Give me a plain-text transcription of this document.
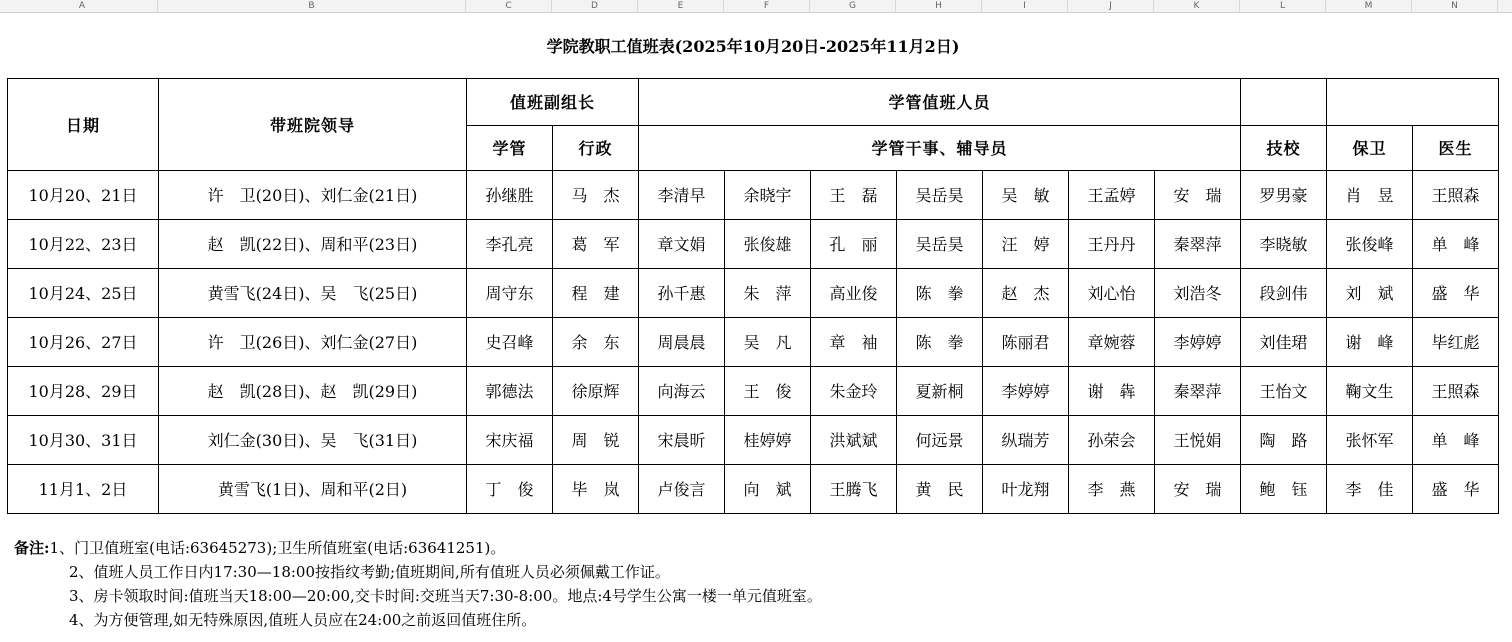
A	B	C	D	E	F	G	H	I	J	K	L	M	N
学院教职工值班表(2025年10月20日-2025年11月2日)													
日期	带班院领导	值班副组长		学管值班人员									
		学管	行政	学管干事、辅导员							技校	保卫	医生
10月20、21日	许　卫(20日)、刘仁金(21日)	孙继胜	马　杰	李清早	余晓宇	王　磊	吴岳昊	吴　敏	王孟婷	安　瑞	罗男豪	肖　昱	王照森
10月22、23日	赵　凯(22日)、周和平(23日)	李孔亮	葛　军	章文娟	张俊雄	孔　丽	吴岳昊	汪　婷	王丹丹	秦翠萍	李晓敏	张俊峰	单　峰
10月24、25日	黄雪飞(24日)、吴　飞(25日)	周守东	程　建	孙千惠	朱　萍	高业俊	陈　拳	赵　杰	刘心怡	刘浩冬	段剑伟	刘　斌	盛　华
10月26、27日	许　卫(26日)、刘仁金(27日)	史召峰	余　东	周晨晨	吴　凡	章　袖	陈　拳	陈丽君	章婉蓉	李婷婷	刘佳珺	谢　峰	毕红彪
10月28、29日	赵　凯(28日)、赵　凯(29日)	郭德法	徐原辉	向海云	王　俊	朱金玲	夏新桐	李婷婷	谢　犇	秦翠萍	王怡文	鞠文生	王照森
10月30、31日	刘仁金(30日)、吴　飞(31日)	宋庆福	周　锐	宋晨昕	桂婷婷	洪斌斌	何远景	纵瑞芳	孙荣会	王悦娟	陶　路	张怀军	单　峰
11月1、2日	黄雪飞(1日)、周和平(2日)	丁　俊	毕　岚	卢俊言	向　斌	王腾飞	黄　民	叶龙翔	李　燕	安　瑞	鲍　钰	李　佳	盛　华
备注:1、门卫值班室(电话:63645273);卫生所值班室(电话:63641251)。
2、值班人员工作日内17:30—18:00按指纹考勤;值班期间,所有值班人员必须佩戴工作证。
3、房卡领取时间:值班当天18:00—20:00,交卡时间:交班当天7:30-8:00。地点:4号学生公寓一楼一单元值班室。
4、为方便管理,如无特殊原因,值班人员应在24:00之前返回值班住所。
